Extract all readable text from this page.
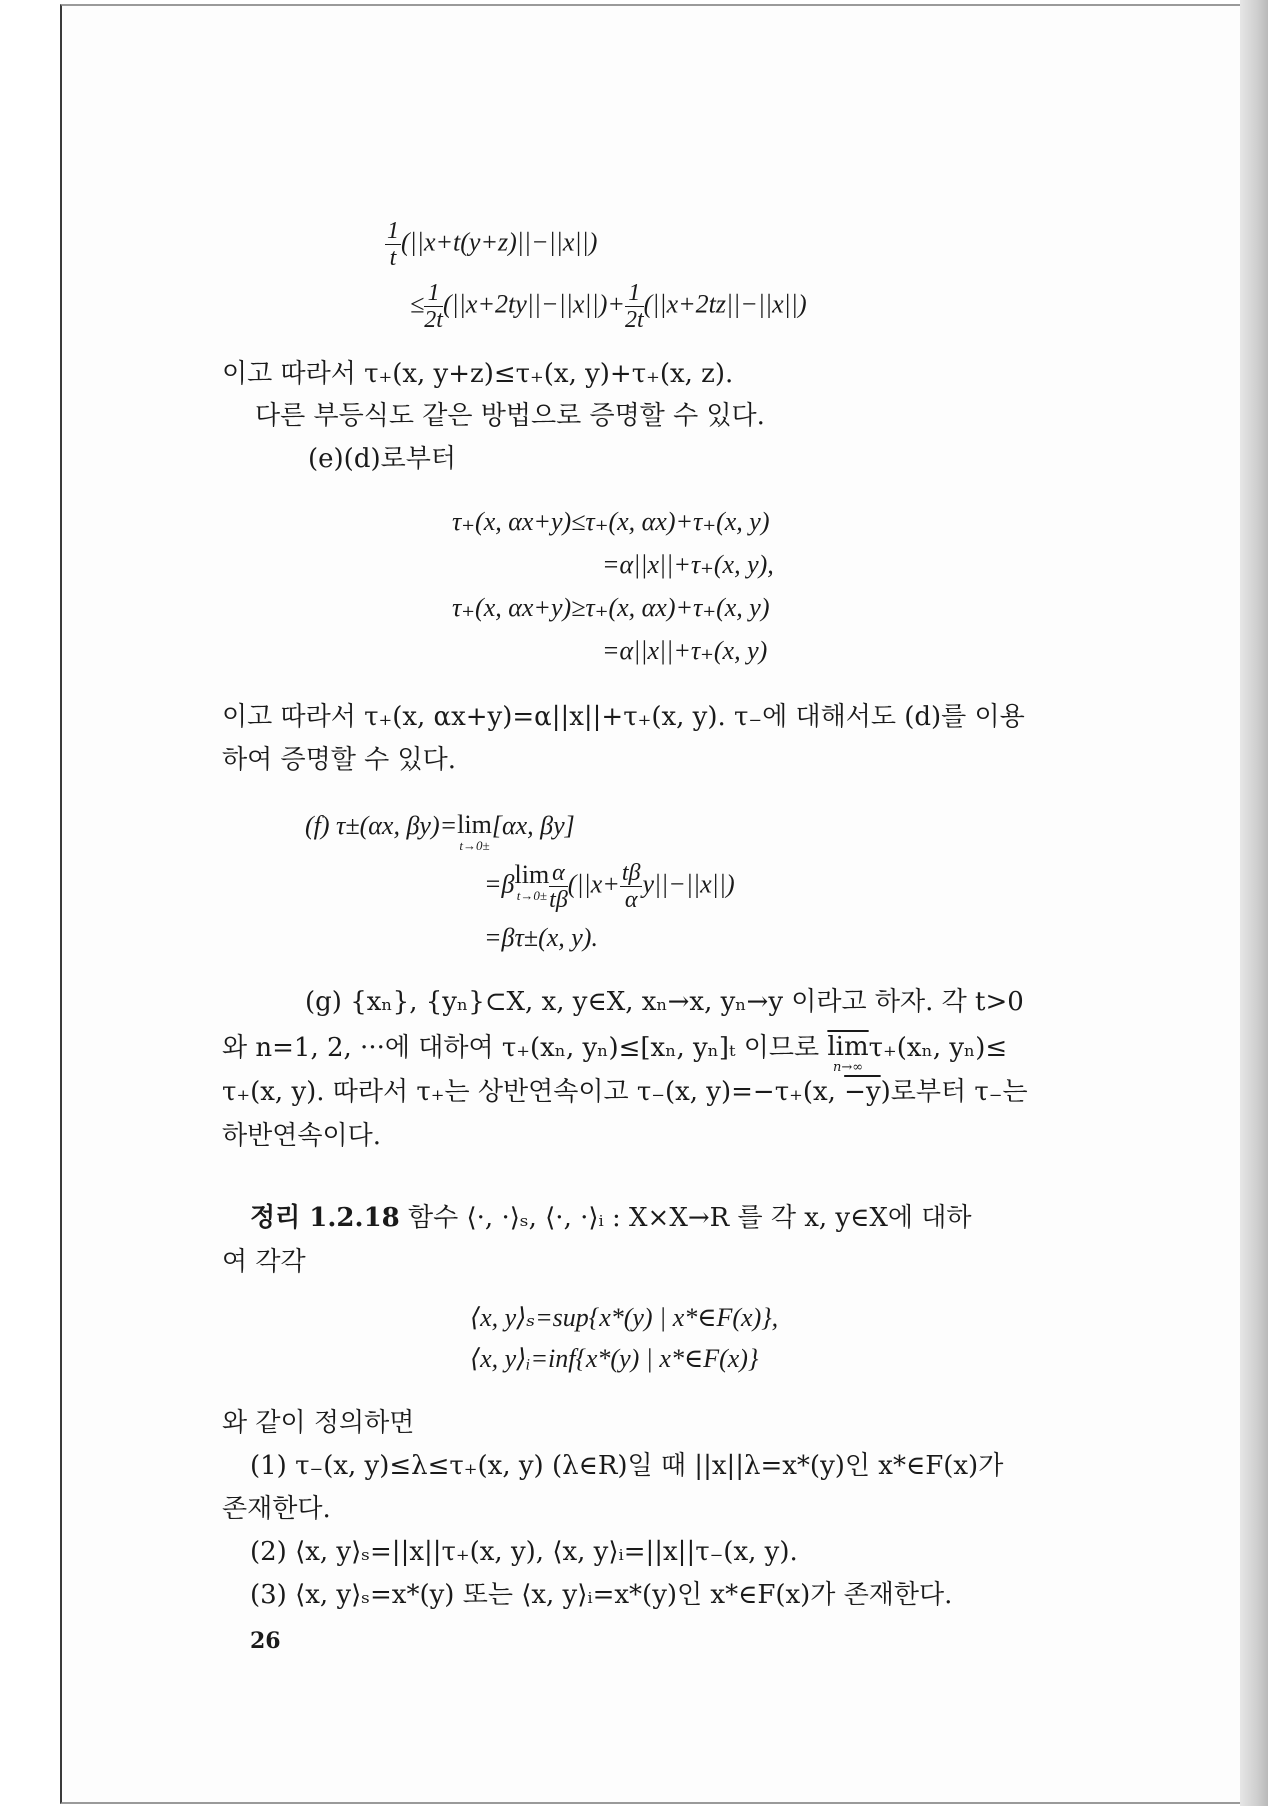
$\frac{1}{t} (||x+t(y+z)||-||x||)$
≤ $\frac{1}{2t} (||x+2ty||-||x||)+ \frac{1}{2t} (||x+2tz||-||x||)$
이고 따라서 τ₊(x, y+z)≤τ₊(x, y)+τ₊(x, z).
다른 부등식도 같은 방법으로 증명할 수 있다.
(e)(d)로부터
τ₊(x, αx+y)≤τ₊(x, αx)+τ₊(x, y)
=α||x||+τ₊(x, y),
τ₊(x, αx+y)≥τ₊(x, αx)+τ₊(x, y)
=α||x||+τ₊(x, y)
이고 따라서 τ₊(x, αx+y)=α||x||+τ₊(x, y). τ₋에 대해서도 (d)를 이용
하여 증명할 수 있다.
(f) τ±(αx, βy)= lim
t→0±
[αx, βy]
=β lim
$t\to 0\pm \frac{\alpha}{t\beta} (||x+ \frac{t\beta}{\alpha} y||-||x||)$
=βτ±(x, y).
(g) {xₙ}, {yₙ}⊂X, x, y∈X, xₙ→x, yₙ→y 이라고 하자. 각 t>0
와 n=1, 2, ···에 대하여 τ₊(xₙ, yₙ)≤[xₙ, yₙ]ₜ 이므로 $\overline{lim}$
n→∞
τ₊(xₙ, yₙ)≤
τ₊(x, y). 따라서 τ₊는 상반연속이고 τ₋(x, y)=−τ₊(x, −y)로부터 τ₋는
하반연속이다.
정리 1.2.18 함수 ⟨·, ·⟩ₛ, ⟨·, ·⟩ᵢ : X×X→R 를 각 x, y∈X에 대하
여 각각
⟨x, y⟩ₛ=sup{x*(y) | x*∈F(x)},
⟨x, y⟩ᵢ=inf{x*(y) | x*∈F(x)}
와 같이 정의하면
(1) τ₋(x, y)≤λ≤τ₊(x, y) (λ∈R)일 때 ||x||λ=x*(y)인 x*∈F(x)가
존재한다.
(2) ⟨x, y⟩ₛ=||x||τ₊(x, y), ⟨x, y⟩ᵢ=||x||τ₋(x, y).
(3) ⟨x, y⟩ₛ=x*(y) 또는 ⟨x, y⟩ᵢ=x*(y)인 x*∈F(x)가 존재한다.
26
